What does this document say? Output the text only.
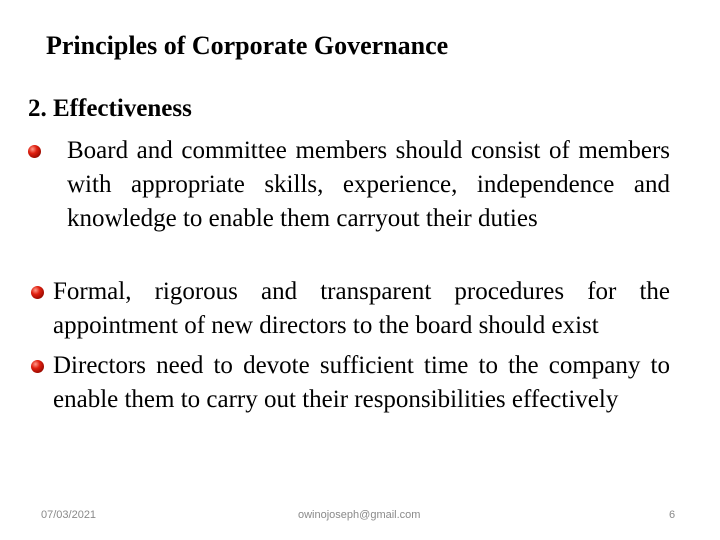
Principles of Corporate Governance
2. Effectiveness
Board and committee members should consist of members with appropriate skills, experience, independence and knowledge to enable them carryout their duties
Formal, rigorous and transparent procedures for the appointment of new directors to the board should exist
Directors need to devote sufficient time to the company to enable them to carry out their responsibilities effectively
07/03/2021	owinojoseph@gmail.com	6
